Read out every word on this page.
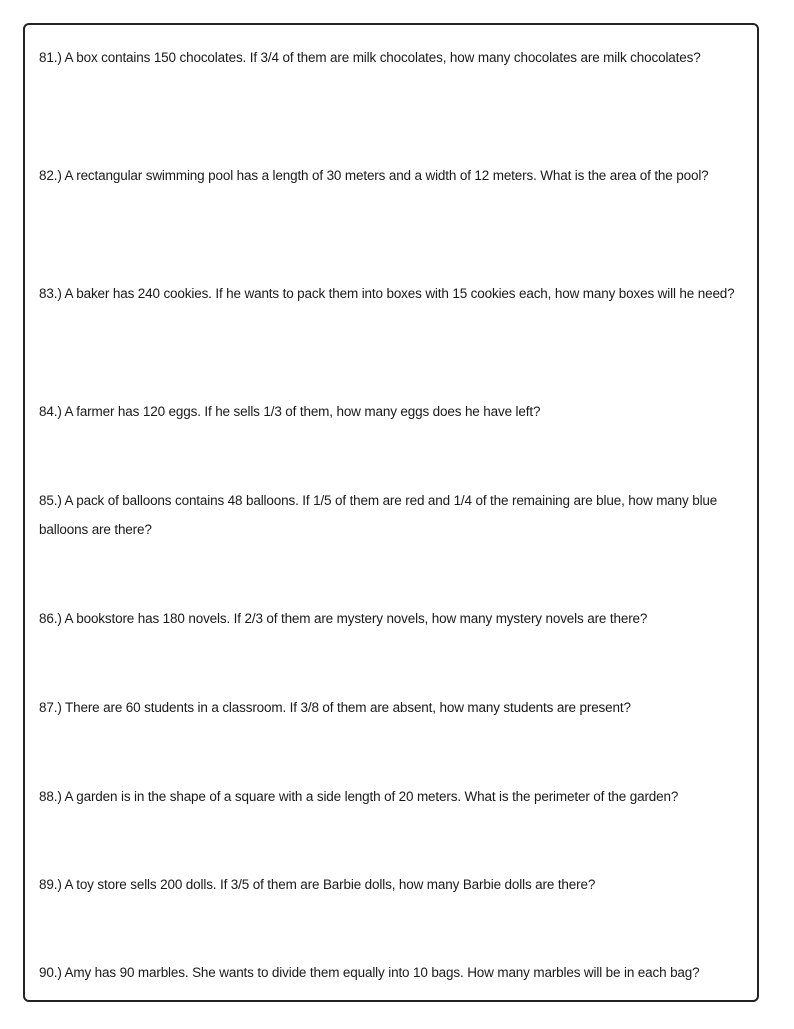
81.) A box contains 150 chocolates. If 3/4 of them are milk chocolates, how many chocolates are milk chocolates?

82.) A rectangular swimming pool has a length of 30 meters and a width of 12 meters. What is the area of the pool?

83.) A baker has 240 cookies. If he wants to pack them into boxes with 15 cookies each, how many boxes will he need?

84.) A farmer has 120 eggs. If he sells 1/3 of them, how many eggs does he have left?

85.) A pack of balloons contains 48 balloons. If 1/5 of them are red and 1/4 of the remaining are blue, how many blue balloons are there?

86.) A bookstore has 180 novels. If 2/3 of them are mystery novels, how many mystery novels are there?

87.) There are 60 students in a classroom. If 3/8 of them are absent, how many students are present?

88.) A garden is in the shape of a square with a side length of 20 meters. What is the perimeter of the garden?

89.) A toy store sells 200 dolls. If 3/5 of them are Barbie dolls, how many Barbie dolls are there?

90.) Amy has 90 marbles. She wants to divide them equally into 10 bags. How many marbles will be in each bag?
